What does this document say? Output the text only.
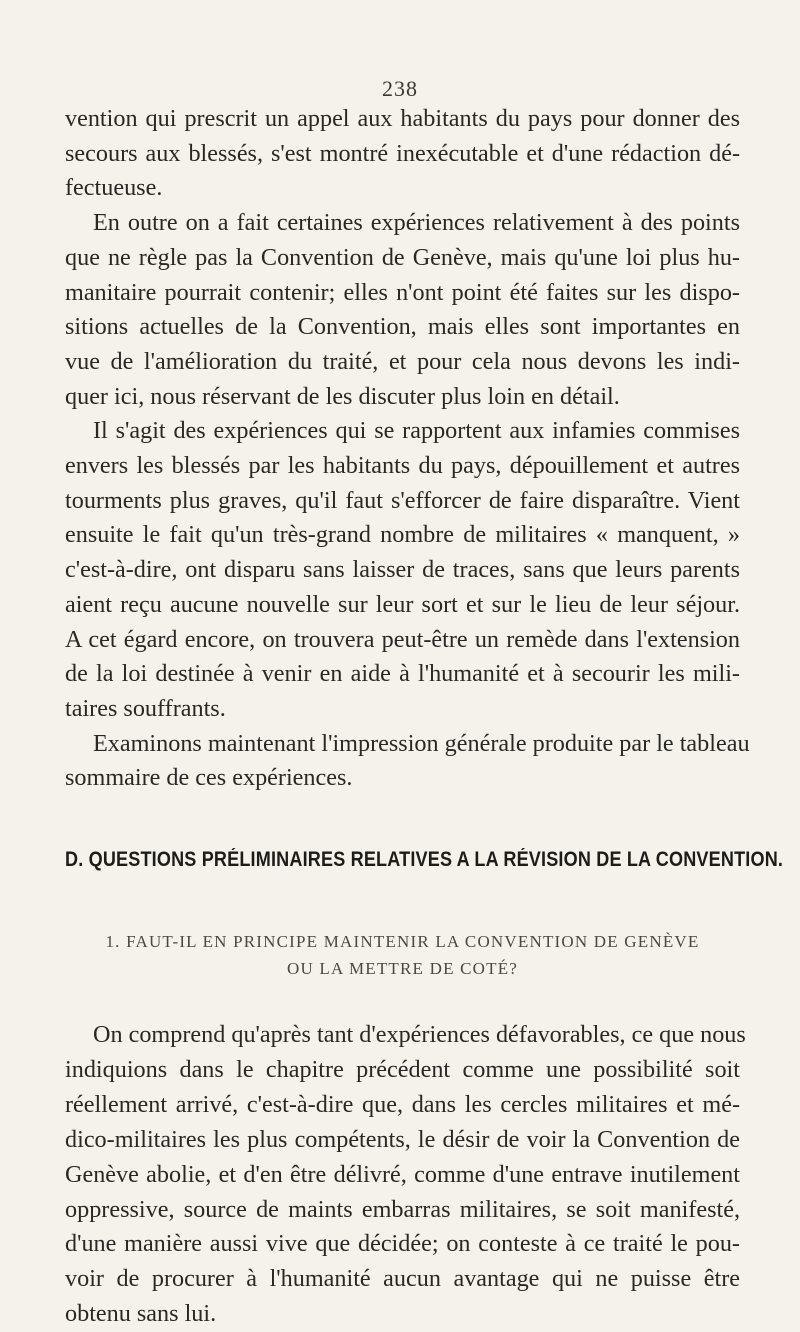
238

vention qui prescrit un appel aux habitants du pays pour donner des
secours aux blessés, s'est montré inexécutable et d'une rédaction dé-
fectueuse.

En outre on a fait certaines expériences relativement à des points
que ne règle pas la Convention de Genève, mais qu'une loi plus hu-
manitaire pourrait contenir; elles n'ont point été faites sur les dispo-
sitions actuelles de la Convention, mais elles sont importantes en
vue de l'amélioration du traité, et pour cela nous devons les indi-
quer ici, nous réservant de les discuter plus loin en détail.

Il s'agit des expériences qui se rapportent aux infamies commises
envers les blessés par les habitants du pays, dépouillement et autres
tourments plus graves, qu'il faut s'efforcer de faire disparaître. Vient
ensuite le fait qu'un très-grand nombre de militaires « manquent, »
c'est-à-dire, ont disparu sans laisser de traces, sans que leurs parents
aient reçu aucune nouvelle sur leur sort et sur le lieu de leur séjour.
A cet égard encore, on trouvera peut-être un remède dans l'extension
de la loi destinée à venir en aide à l'humanité et à secourir les mili-
taires souffrants.

Examinons maintenant l'impression générale produite par le tableau
sommaire de ces expériences.

D. QUESTIONS PRÉLIMINAIRES RELATIVES A LA RÉVISION DE LA CONVENTION.
1. FAUT-IL EN PRINCIPE MAINTENIR LA CONVENTION DE GENÈVE
OU LA METTRE DE COTÉ?

On comprend qu'après tant d'expériences défavorables, ce que nous
indiquions dans le chapitre précédent comme une possibilité soit
réellement arrivé, c'est-à-dire que, dans les cercles militaires et mé-
dico-militaires les plus compétents, le désir de voir la Convention de
Genève abolie, et d'en être délivré, comme d'une entrave inutilement
oppressive, source de maints embarras militaires, se soit manifesté,
d'une manière aussi vive que décidée; on conteste à ce traité le pou-
voir de procurer à l'humanité aucun avantage qui ne puisse être
obtenu sans lui.
